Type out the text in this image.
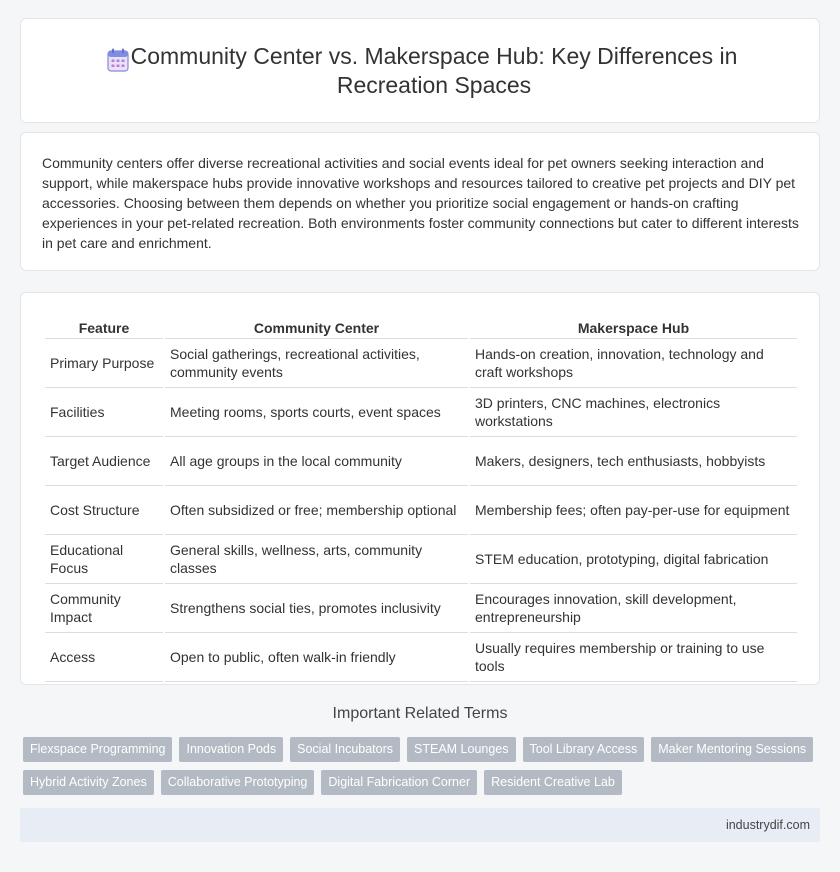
Community Center vs. Makerspace Hub: Key Differences in Recreation Spaces

Community centers offer diverse recreational activities and social events ideal for pet owners seeking interaction and support, while makerspace hubs provide innovative workshops and resources tailored to creative pet projects and DIY pet accessories. Choosing between them depends on whether you prioritize social engagement or hands-on crafting experiences in your pet-related recreation. Both environments foster community connections but cater to different interests in pet care and enrichment.

Feature	Community Center	Makerspace Hub
Primary Purpose	Social gatherings, recreational activities, community events	Hands-on creation, innovation, technology and craft workshops
Facilities	Meeting rooms, sports courts, event spaces	3D printers, CNC machines, electronics workstations
Target Audience	All age groups in the local community	Makers, designers, tech enthusiasts, hobbyists
Cost Structure	Often subsidized or free; membership optional	Membership fees; often pay-per-use for equipment
Educational Focus	General skills, wellness, arts, community classes	STEM education, prototyping, digital fabrication
Community Impact	Strengthens social ties, promotes inclusivity	Encourages innovation, skill development, entrepreneurship
Access	Open to public, often walk-in friendly	Usually requires membership or training to use tools
Important Related Terms
Flexspace Programming	Innovation Pods	Social Incubators	STEAM Lounges	Tool Library Access	Maker Mentoring Sessions
Hybrid Activity Zones	Collaborative Prototyping	Digital Fabrication Corner	Resident Creative Lab
industrydif.com
